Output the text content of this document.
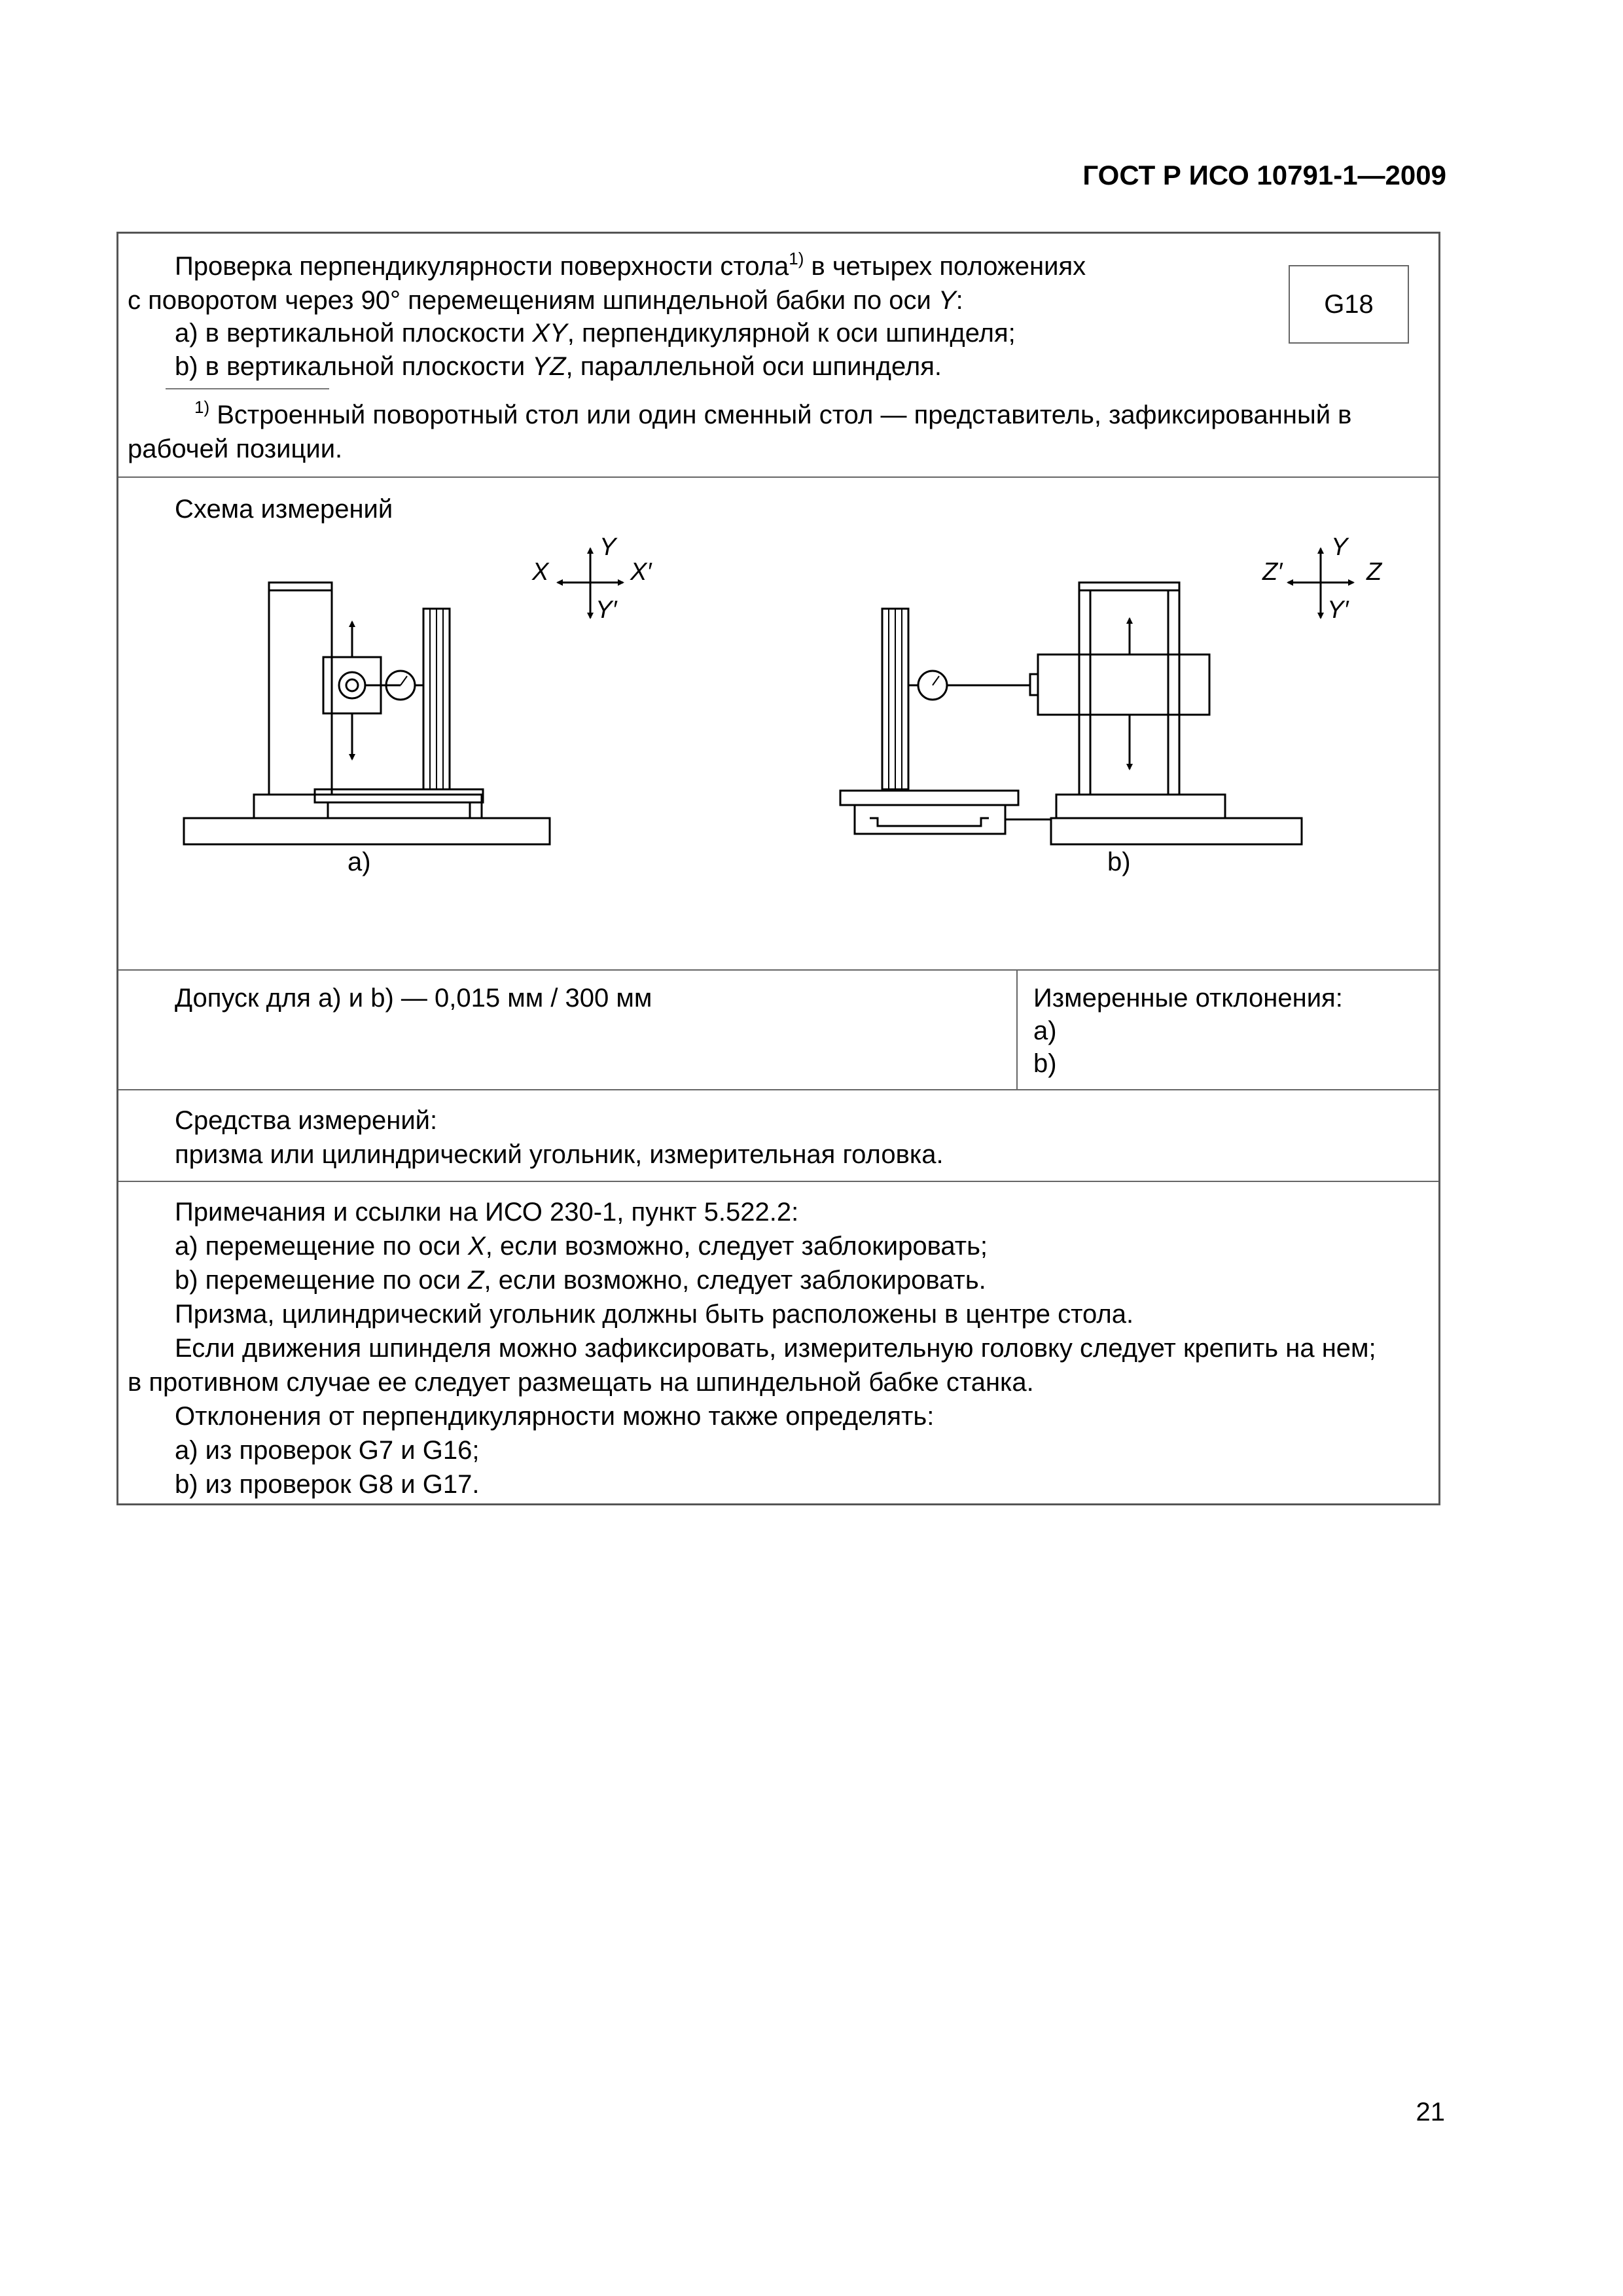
ГОСТ Р ИСО 10791-1—2009
Проверка перпендикулярности поверхности стола$^{1)}$ в четырех положениях
с поворотом через 90° перемещениям шпиндельной бабки по оси Y:
a) в вертикальной плоскости XY, перпендикулярной к оси шпинделя;
b) в вертикальной плоскости YZ, параллельной оси шпинделя.
G18
$^{1)}$ Встроенный поворотный стол или один сменный стол — представитель, зафиксированный в
рабочей позиции.
Схема измерений
Y
Y′
X	X′
Y
Y′
Z′	Z
a)	b)
Допуск для a) и b) — 0,015 мм / 300 мм	Измеренные отклонения:
a)
b)
Средства измерений:
призма или цилиндрический угольник, измерительная головка.
Примечания и ссылки на ИСО 230-1, пункт 5.522.2:
a) перемещение по оси X, если возможно, следует заблокировать;
b) перемещение по оси Z, если возможно, следует заблокировать.
Призма, цилиндрический угольник должны быть расположены в центре стола.
Если движения шпинделя можно зафиксировать, измерительную головку следует крепить на нем;
в противном случае ее следует размещать на шпиндельной бабке станка.
Отклонения от перпендикулярности можно также определять:
a) из проверок G7 и G16;
b) из проверок G8 и G17.
21
